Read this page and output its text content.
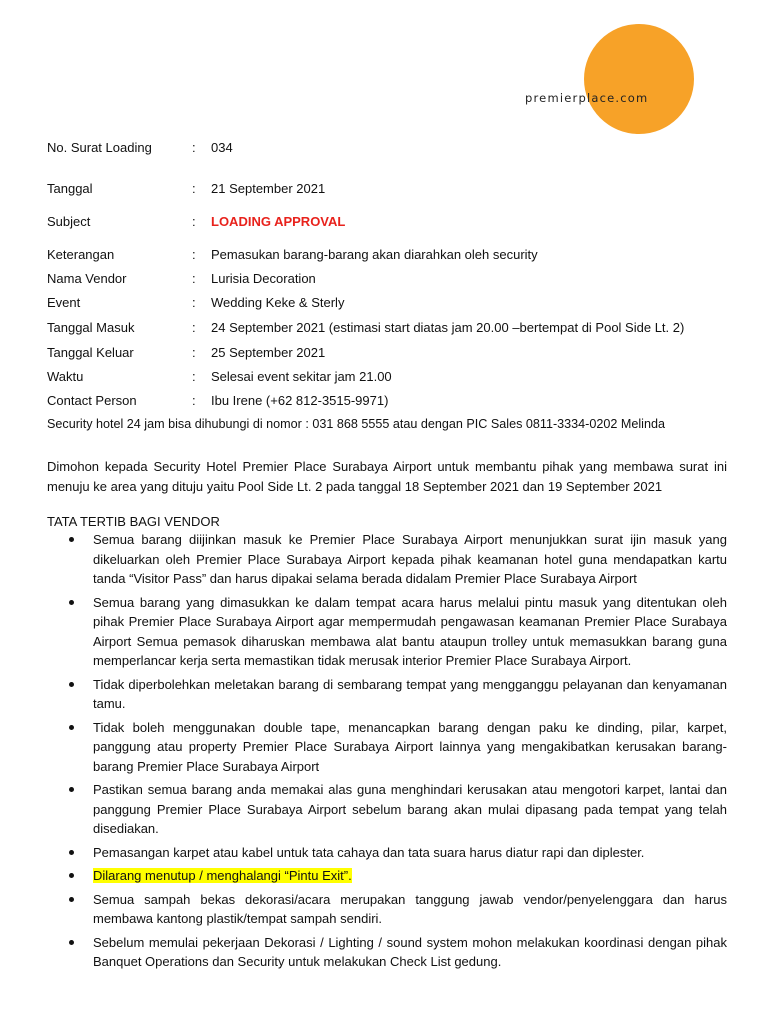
premierplace.com
No. Surat Loading	: 034
Tanggal	: 21 September 2021
Subject	: LOADING APPROVAL
Keterangan	: Pemasukan barang-barang akan diarahkan oleh security
Nama Vendor	: Lurisia Decoration
Event	: Wedding Keke & Sterly
Tanggal Masuk	: 24 September 2021 (estimasi start diatas jam 20.00 –bertempat di Pool Side Lt. 2)
Tanggal Keluar	: 25 September 2021
Waktu	: Selesai event sekitar jam 21.00
Contact Person	: Ibu Irene (+62 812-3515-9971)
Security hotel 24 jam bisa dihubungi di nomor : 031 868 5555 atau dengan PIC Sales 0811-3334-0202 Melinda
Dimohon kepada Security Hotel Premier Place Surabaya Airport untuk membantu pihak yang membawa surat ini menuju ke area yang dituju yaitu Pool Side Lt. 2 pada tanggal 18 September 2021 dan 19 September 2021
TATA TERTIB BAGI VENDOR
Semua barang diijinkan masuk ke Premier Place Surabaya Airport menunjukkan surat ijin masuk yang dikeluarkan oleh Premier Place Surabaya Airport kepada pihak keamanan hotel guna mendapatkan kartu tanda “Visitor Pass” dan harus dipakai selama berada didalam Premier Place Surabaya Airport
Semua barang yang dimasukkan ke dalam tempat acara harus melalui pintu masuk yang ditentukan oleh pihak Premier Place Surabaya Airport agar mempermudah pengawasan keamanan Premier Place Surabaya Airport Semua pemasok diharuskan membawa alat bantu ataupun trolley untuk memasukkan barang guna memperlancar kerja serta memastikan tidak merusak interior Premier Place Surabaya Airport.
Tidak diperbolehkan meletakan barang di sembarang tempat yang mengganggu pelayanan dan kenyamanan tamu.
Tidak boleh menggunakan double tape, menancapkan barang dengan paku ke dinding, pilar, karpet, panggung atau property Premier Place Surabaya Airport lainnya yang mengakibatkan kerusakan barang-barang Premier Place Surabaya Airport
Pastikan semua barang anda memakai alas guna menghindari kerusakan atau mengotori karpet, lantai dan panggung Premier Place Surabaya Airport sebelum barang akan mulai dipasang pada tempat yang telah disediakan.
Pemasangan karpet atau kabel untuk tata cahaya dan tata suara harus diatur rapi dan diplester.
Dilarang menutup / menghalangi “Pintu Exit”.
Semua sampah bekas dekorasi/acara merupakan tanggung jawab vendor/penyelenggara dan harus membawa kantong plastik/tempat sampah sendiri.
Sebelum memulai pekerjaan Dekorasi / Lighting / sound system mohon melakukan koordinasi dengan pihak Banquet Operations dan Security untuk melakukan Check List gedung.
